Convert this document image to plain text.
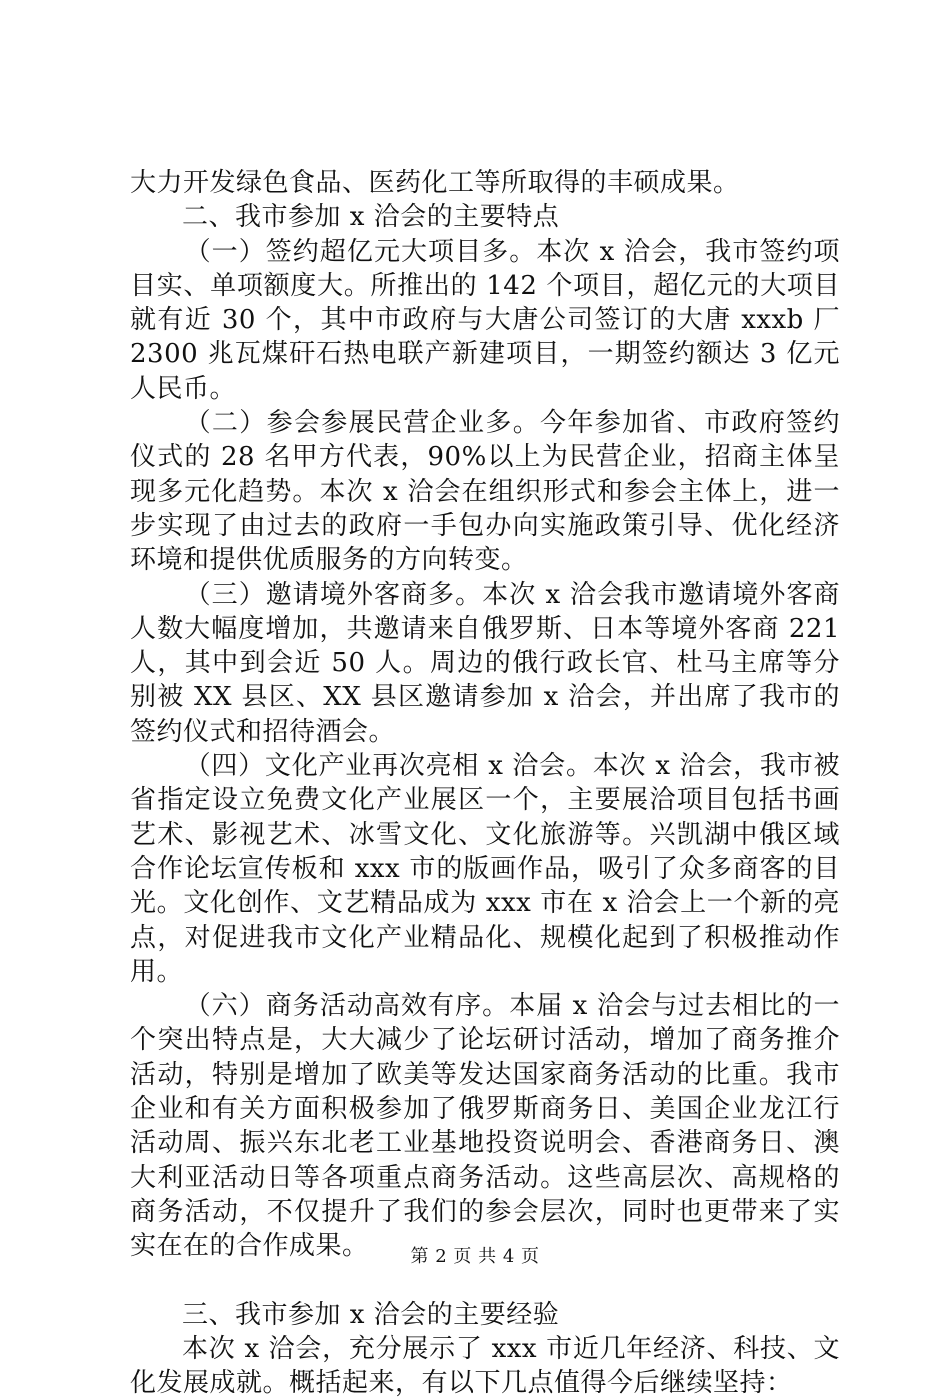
大力开发绿色食品、医药化工等所取得的丰硕成果。

二、我市参加 x 洽会的主要特点

（一）签约超亿元大项目多。本次 x 洽会，我市签约项目实、单项额度大。所推出的 142 个项目，超亿元的大项目就有近 30 个，其中市政府与大唐公司签订的大唐 xxxb 厂 2300 兆瓦煤矸石热电联产新建项目，一期签约额达 3 亿元人民币。

（二）参会参展民营企业多。今年参加省、市政府签约仪式的 28 名甲方代表，90%以上为民营企业，招商主体呈现多元化趋势。本次 x 洽会在组织形式和参会主体上，进一步实现了由过去的政府一手包办向实施政策引导、优化经济环境和提供优质服务的方向转变。

（三）邀请境外客商多。本次 x 洽会我市邀请境外客商人数大幅度增加，共邀请来自俄罗斯、日本等境外客商 221 人，其中到会近 50 人。周边的俄行政长官、杜马主席等分别被 XX 县区、XX 县区邀请参加 x 洽会，并出席了我市的签约仪式和招待酒会。

（四）文化产业再次亮相 x 洽会。本次 x 洽会，我市被省指定设立免费文化产业展区一个，主要展洽项目包括书画艺术、影视艺术、冰雪文化、文化旅游等。兴凯湖中俄区域合作论坛宣传板和 xxx 市的版画作品，吸引了众多商客的目光。文化创作、文艺精品成为 xxx 市在 x 洽会上一个新的亮点，对促进我市文化产业精品化、规模化起到了积极推动作用。

（六）商务活动高效有序。本届 x 洽会与过去相比的一个突出特点是，大大减少了论坛研讨活动，增加了商务推介活动，特别是增加了欧美等发达国家商务活动的比重。我市企业和有关方面积极参加了俄罗斯商务日、美国企业龙江行活动周、振兴东北老工业基地投资说明会、香港商务日、澳大利亚活动日等各项重点商务活动。这些高层次、高规格的商务活动，不仅提升了我们的参会层次，同时也更带来了实实在在的合作成果。

三、我市参加 x 洽会的主要经验

本次 x 洽会，充分展示了 xxx 市近几年经济、科技、文化发展成就。概括起来，有以下几点值得今后继续坚持：

第 2 页 共 4 页
